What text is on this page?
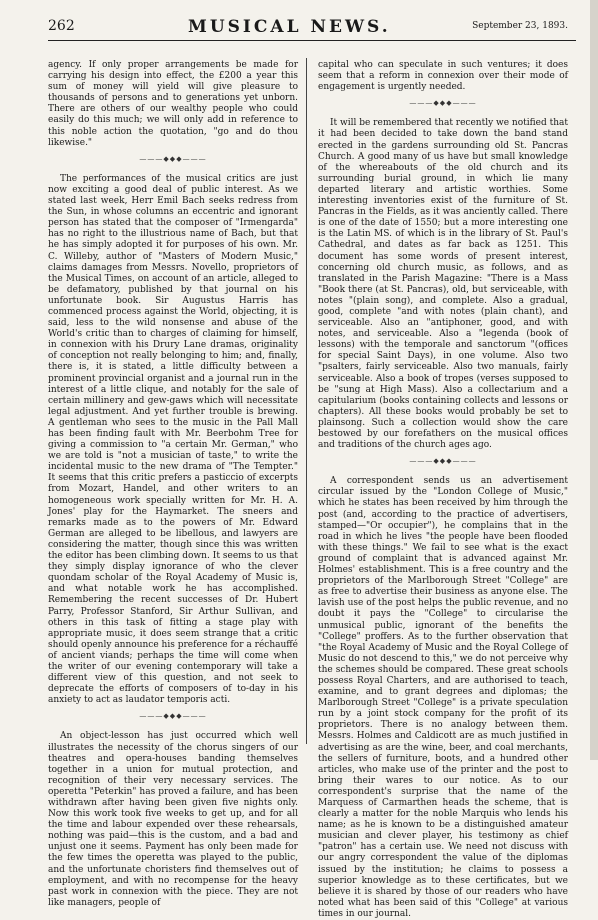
262	MUSICAL NEWS.	September 23, 1893.

agency. If only proper arrangements be made for carrying his design into effect, the £200 a year this sum of money will yield will give pleasure to thousands of persons and to generations yet unborn. There are others of our wealthy people who could easily do this much; we will only add in reference to this noble action the quotation, "go and do thou likewise."

———◆◆◆———

The performances of the musical critics are just now exciting a good deal of public interest. As we stated last week, Herr Emil Bach seeks redress from the Sun, in whose columns an eccentric and ignorant person has stated that the composer of "Irmengarda" has no right to the illustrious name of Bach, but that he has simply adopted it for purposes of his own. Mr. C. Willeby, author of "Masters of Modern Music," claims damages from Messrs. Novello, proprietors of the Musical Times, on account of an article, alleged to be defamatory, published by that journal on his unfortunate book. Sir Augustus Harris has commenced process against the World, objecting, it is said, less to the wild nonsense and abuse of the World's critic than to charges of claiming for himself, in connexion with his Drury Lane dramas, originality of conception not really belonging to him; and, finally, there is, it is stated, a little difficulty between a prominent provincial organist and a journal run in the interest of a little clique, and notably for the sale of certain millinery and gew-gaws which will necessitate legal adjustment. And yet further trouble is brewing. A gentleman who sees to the music in the Pall Mall has been finding fault with Mr. Beerbohm Tree for giving a commission to "a certain Mr. German," who we are told is "not a musician of taste," to write the incidental music to the new drama of "The Tempter." It seems that this critic prefers a pasticcio of excerpts from Mozart, Handel, and other writers to an homogeneous work specially written for Mr. H. A. Jones' play for the Haymarket. The sneers and remarks made as to the powers of Mr. Edward German are alleged to be libellous, and lawyers are considering the matter, though since this was written the editor has been climbing down. It seems to us that they simply display ignorance of who the clever quondam scholar of the Royal Academy of Music is, and what notable work he has accomplished. Remembering the recent successes of Dr. Hubert Parry, Professor Stanford, Sir Arthur Sullivan, and others in this task of fitting a stage play with appropriate music, it does seem strange that a critic should openly announce his preference for a réchauffé of ancient viands; perhaps the time will come when the writer of our evening contemporary will take a different view of this question, and not seek to deprecate the efforts of composers of to-day in his anxiety to act as laudator temporis acti.

———◆◆◆———

An object-lesson has just occurred which well illustrates the necessity of the chorus singers of our theatres and opera-houses banding themselves together in a union for mutual protection, and recognition of their very necessary services. The operetta "Peterkin" has proved a failure, and has been withdrawn after having been given five nights only. Now this work took five weeks to get up, and for all the time and labour expended over these rehearsals, nothing was paid—this is the custom, and a bad and unjust one it seems. Payment has only been made for the few times the operetta was played to the public, and the unfortunate choristers find themselves out of employment, and with no recompense for the heavy past work in connexion with the piece. They are not like managers, people of

capital who can speculate in such ventures; it does seem that a reform in connexion over their mode of engagement is urgently needed.

———◆◆◆———

It will be remembered that recently we notified that it had been decided to take down the band stand erected in the gardens surrounding old St. Pancras Church. A good many of us have but small knowledge of the whereabouts of the old church and its surrounding burial ground, in which lie many departed literary and artistic worthies. Some interesting inventories exist of the furniture of St. Pancras in the Fields, as it was anciently called. There is one of the date of 1550; but a more interesting one is the Latin MS. of which is in the library of St. Paul's Cathedral, and dates as far back as 1251. This document has some words of present interest, concerning old church music, as follows, and as translated in the Parish Magazine: "There is a Mass "Book there (at St. Pancras), old, but serviceable, with notes "(plain song), and complete. Also a gradual, good, complete "and with notes (plain chant), and serviceable. Also an "antiphoner, good, and with notes, and serviceable. Also a "legenda (book of lessons) with the temporale and sanctorum "(offices for special Saint Days), in one volume. Also two "psalters, fairly serviceable. Also two manuals, fairly serviceable. Also a book of tropes (verses supposed to be "sung at High Mass). Also a collectarium and a capitularium (books containing collects and lessons or chapters). All these books would probably be set to plainsong. Such a collection would show the care bestowed by our forefathers on the musical offices and traditions of the church ages ago.

———◆◆◆———

A correspondent sends us an advertisement circular issued by the "London College of Music," which he states has been received by him through the post (and, according to the practice of advertisers, stamped—"Or occupier"), he complains that in the road in which he lives "the people have been flooded with these things." We fail to see what is the exact ground of complaint that is advanced against Mr. Holmes' establishment. This is a free country and the proprietors of the Marlborough Street "College" are as free to advertise their business as anyone else. The lavish use of the post helps the public revenue, and no doubt it pays the "College" to circularise the unmusical public, ignorant of the benefits the "College" proffers. As to the further observation that "the Royal Academy of Music and the Royal College of Music do not descend to this," we do not perceive why the schemes should be compared. These great schools possess Royal Charters, and are authorised to teach, examine, and to grant degrees and diplomas; the Marlborough Street "College" is a private speculation run by a joint stock company for the profit of its proprietors. There is no analogy between them. Messrs. Holmes and Caldicott are as much justified in advertising as are the wine, beer, and coal merchants, the sellers of furniture, boots, and a hundred other articles, who make use of the printer and the post to bring their wares to our notice. As to our correspondent's surprise that the name of the Marquess of Carmarthen heads the scheme, that is clearly a matter for the noble Marquis who lends his name; as he is known to be a distinguished amateur musician and clever player, his testimony as chief "patron" has a certain use. We need not discuss with our angry correspondent the value of the diplomas issued by the institution; he claims to possess a superior knowledge as to these certificates, but we believe it is shared by those of our readers who have noted what has been said of this "College" at various times in our journal.
